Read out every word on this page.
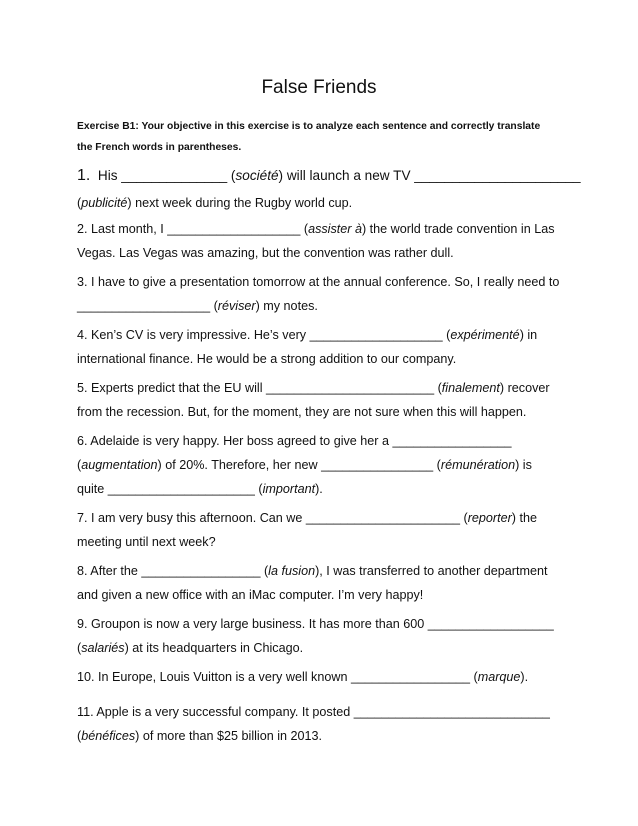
False Friends
Exercise B1: Your objective in this exercise is to analyze each sentence and correctly translate
the French words in parentheses.
1.  His ______________ (société) will launch a new TV ______________________
(publicité) next week during the Rugby world cup.
2. Last month, I ___________________ (assister à) the world trade convention in Las
Vegas. Las Vegas was amazing, but the convention was rather dull.
3. I have to give a presentation tomorrow at the annual conference. So, I really need to
___________________ (réviser) my notes.
4. Ken’s CV is very impressive. He’s very ___________________ (expérimenté) in
international finance. He would be a strong addition to our company.
5. Experts predict that the EU will ________________________ (finalement) recover
from the recession. But, for the moment, they are not sure when this will happen.
6. Adelaide is very happy. Her boss agreed to give her a _________________
(augmentation) of 20%. Therefore, her new ________________ (rémunération) is
quite _____________________ (important).
7. I am very busy this afternoon. Can we ______________________ (reporter) the
meeting until next week?
8. After the _________________ (la fusion), I was transferred to another department
and given a new office with an iMac computer. I’m very happy!
9. Groupon is now a very large business. It has more than 600 __________________
(salariés) at its headquarters in Chicago.
10. In Europe, Louis Vuitton is a very well known _________________ (marque).
11. Apple is a very successful company. It posted ____________________________
(bénéfices) of more than $25 billion in 2013.
